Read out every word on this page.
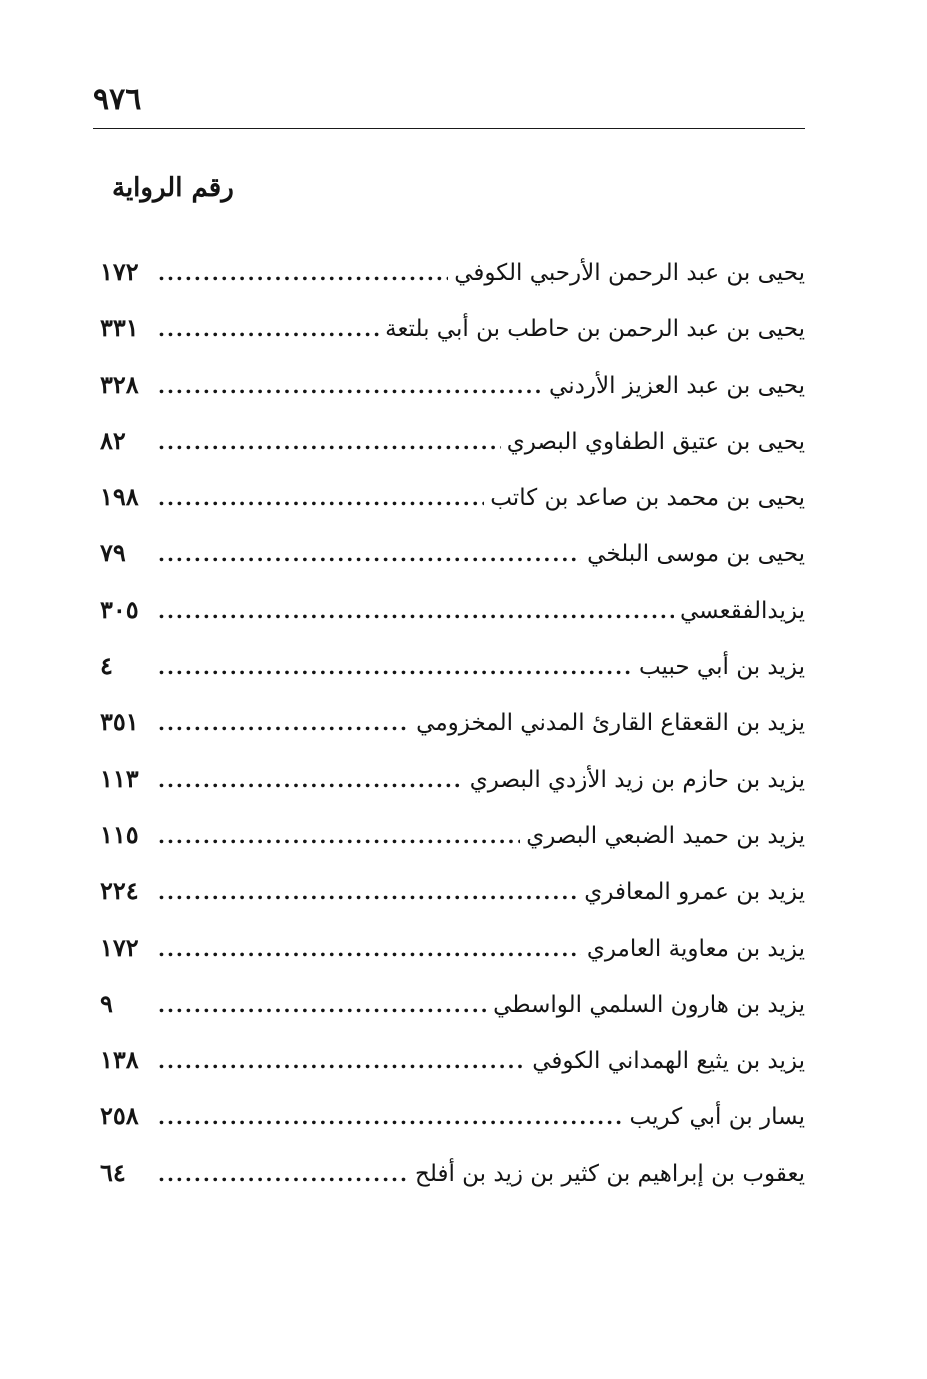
٩٧٦
رقم الرواية
يحيى بن عبد الرحمن الأرحبي الكوفي
.....
١٧٢
يحيى بن عبد الرحمن بن حاطب بن أبي بلتعة
.....
٣٣١
يحيى بن عبد العزيز الأردني
.....
٣٢٨
يحيى بن عتيق الطفاوي البصري
.....
٨٢
يحيى بن محمد بن صاعد بن كاتب
.....
١٩٨
يحيى بن موسى البلخي
.....
٧٩
يزيدالفقعسي
.....
٣٠٥
يزيد بن أبي حبيب
.....
٤
يزيد بن القعقاع القارئ المدني المخزومي
.....
٣٥١
يزيد بن حازم بن زيد الأزدي البصري
.....
١١٣
يزيد بن حميد الضبعي البصري
.....
١١٥
يزيد بن عمرو المعافري
.....
٢٢٤
يزيد بن معاوية العامري
.....
١٧٢
يزيد بن هارون السلمي الواسطي
.....
٩
يزيد بن يثيع الهمداني الكوفي
.....
١٣٨
يسار بن أبي كريب
.....
٢٥٨
يعقوب بن إبراهيم بن كثير بن زيد بن أفلح
.....
٦٤
